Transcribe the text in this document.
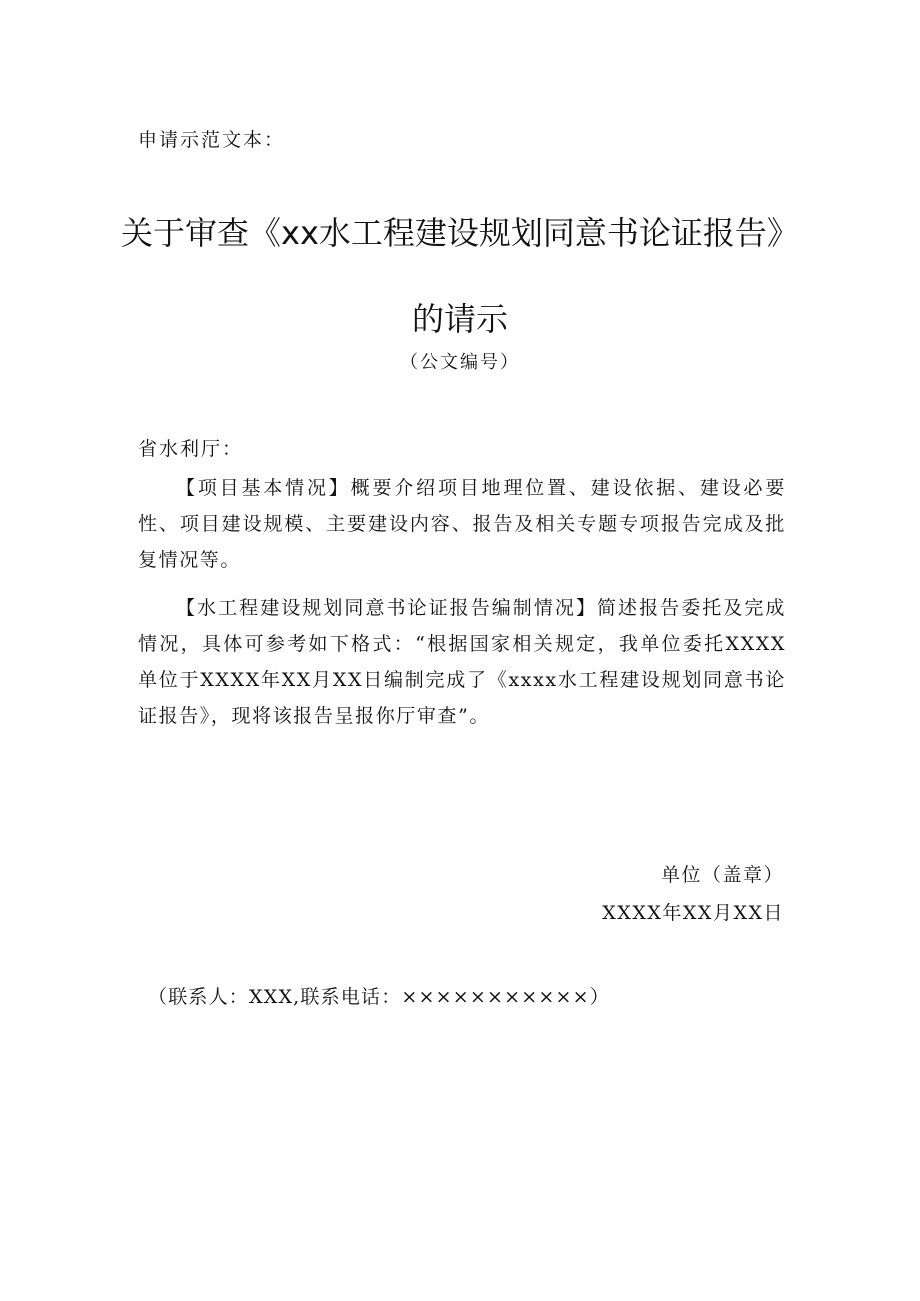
申请示范文本：
关于审查《xx水工程建设规划同意书论证报告》
的请示
（公文编号）
省水利厅：

【项目基本情况】概要介绍项目地理位置、建设依据、建设必要性、项目建设规模、主要建设内容、报告及相关专题专项报告完成及批复情况等。

【水工程建设规划同意书论证报告编制情况】简述报告委托及完成情况，具体可参考如下格式：“根据国家相关规定，我单位委托XXXX单位于XXXX年XX月XX日编制完成了《xxxx水工程建设规划同意书论证报告》，现将该报告呈报你厅审查”。

单位（盖章）
XXXX年XX月XX日
（联系人：XXX,联系电话：×××××××××××）
